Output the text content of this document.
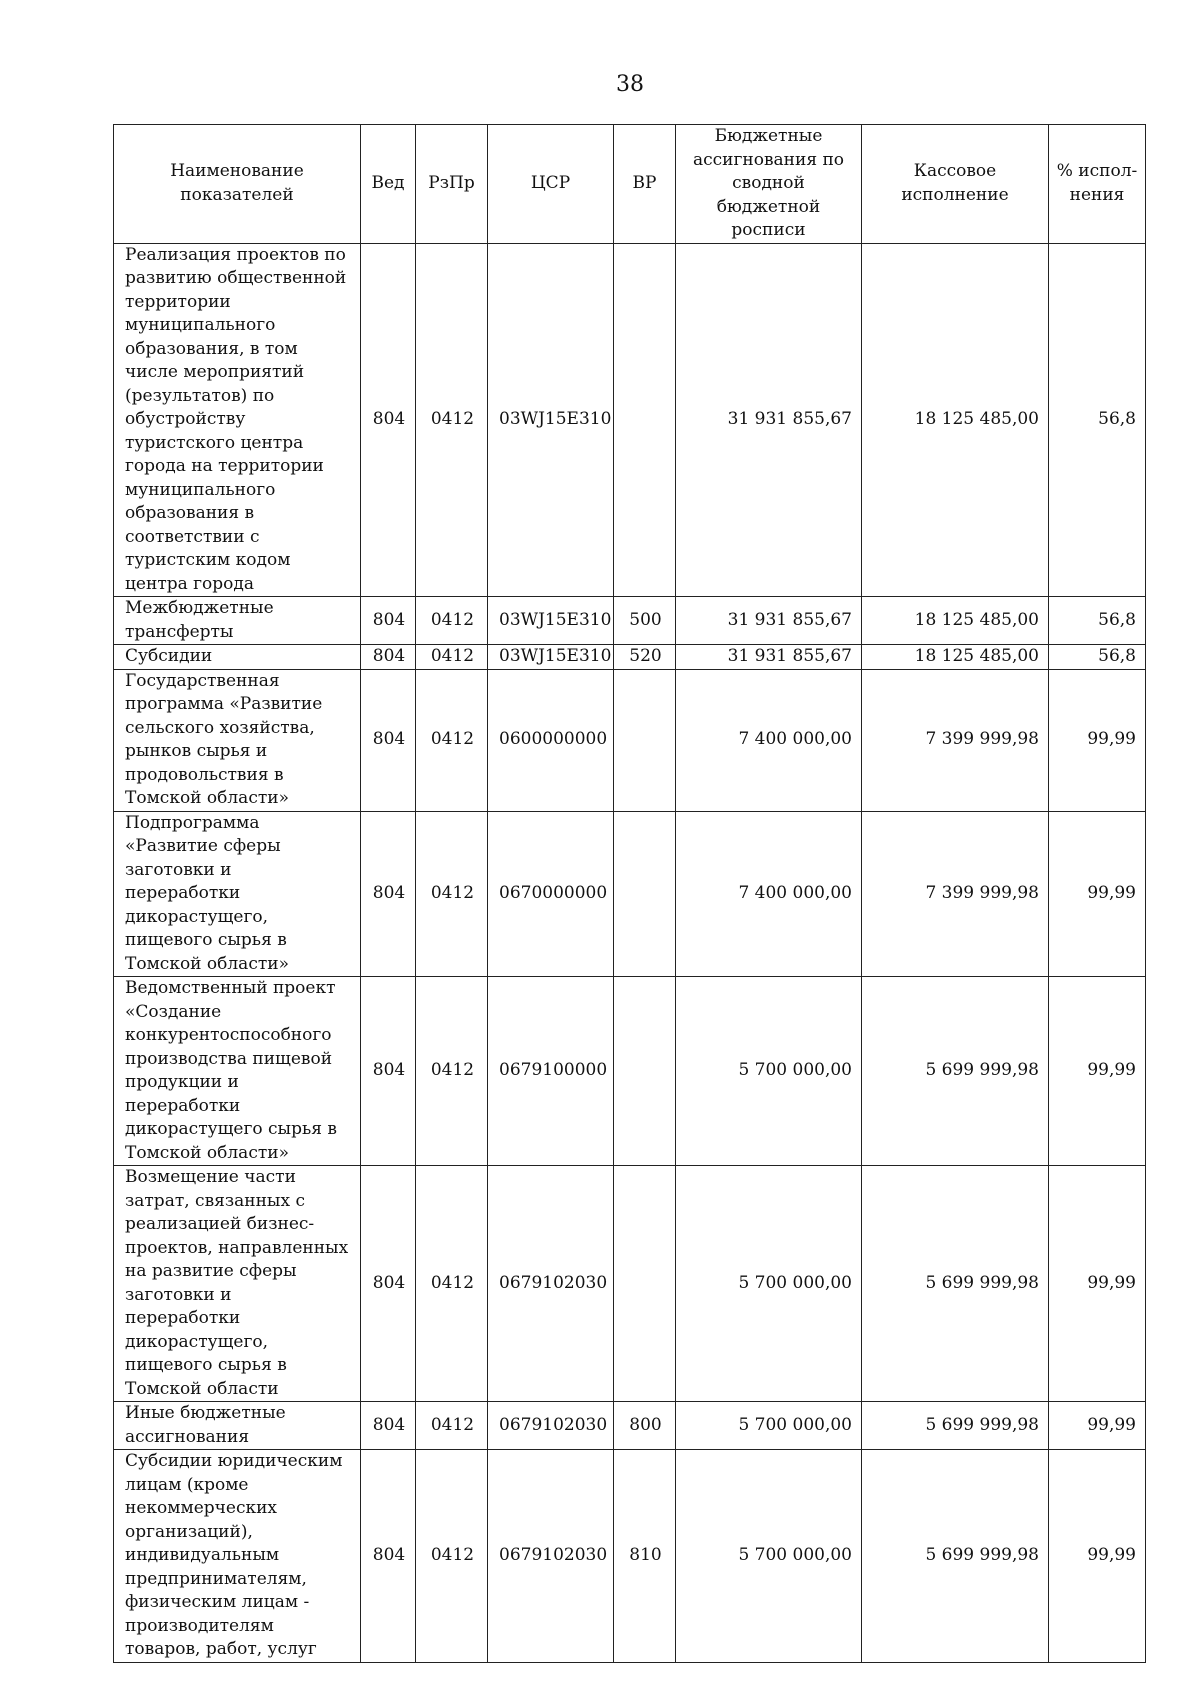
38
Наименование показателей	Вед	РзПр	ЦСР	ВР	Бюджетные ассигнования по сводной бюджетной росписи	Кассовое исполнение	% испол-нения
Реализация проектов по развитию общественной территории муниципального образования, в том числе мероприятий (результатов) по обустройству туристского центра города на территории муниципального образования в соответствии с туристским кодом центра города	804	0412	03WJ15E310		31 931 855,67	18 125 485,00	56,8
Межбюджетные трансферты	804	0412	03WJ15E310	500	31 931 855,67	18 125 485,00	56,8
Субсидии	804	0412	03WJ15E310	520	31 931 855,67	18 125 485,00	56,8
Государственная программа «Развитие сельского хозяйства, рынков сырья и продовольствия в Томской области»	804	0412	0600000000		7 400 000,00	7 399 999,98	99,99
Подпрограмма «Развитие сферы заготовки и переработки дикорастущего, пищевого сырья в Томской области»	804	0412	0670000000		7 400 000,00	7 399 999,98	99,99
Ведомственный проект «Создание конкурентоспособного производства пищевой продукции и переработки дикорастущего сырья в Томской области»	804	0412	0679100000		5 700 000,00	5 699 999,98	99,99
Возмещение части затрат, связанных с реализацией бизнес-проектов, направленных на развитие сферы заготовки и переработки дикорастущего, пищевого сырья в Томской области	804	0412	0679102030		5 700 000,00	5 699 999,98	99,99
Иные бюджетные ассигнования	804	0412	0679102030	800	5 700 000,00	5 699 999,98	99,99
Субсидии юридическим лицам (кроме некоммерческих организаций), индивидуальным предпринимателям, физическим лицам - производителям товаров, работ, услуг	804	0412	0679102030	810	5 700 000,00	5 699 999,98	99,99
